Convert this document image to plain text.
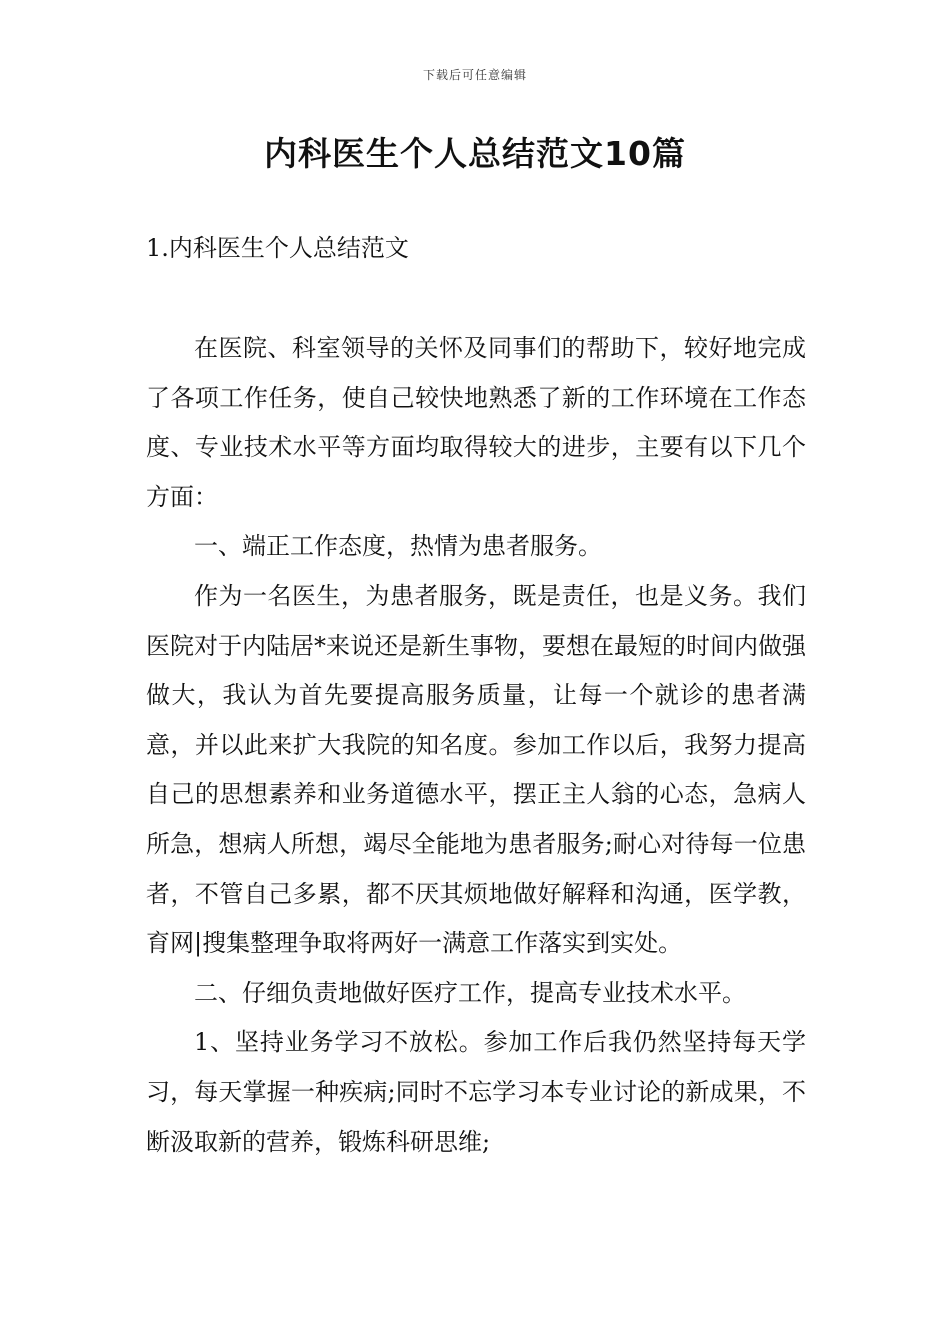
下载后可任意编辑
内科医生个人总结范文10篇
1.内科医生个人总结范文

在医院、科室领导的关怀及同事们的帮助下，较好地完成了各项工作任务，使自己较快地熟悉了新的工作环境在工作态度、专业技术水平等方面均取得较大的进步，主要有以下几个方面：

一、端正工作态度，热情为患者服务。

作为一名医生，为患者服务，既是责任，也是义务。我们医院对于内陆居*来说还是新生事物，要想在最短的时间内做强做大，我认为首先要提高服务质量，让每一个就诊的患者满意，并以此来扩大我院的知名度。参加工作以后，我努力提高自己的思想素养和业务道德水平，摆正主人翁的心态，急病人所急，想病人所想，竭尽全能地为患者服务;耐心对待每一位患者，不管自己多累，都不厌其烦地做好解释和沟通，医学教，育网|搜集整理争取将两好一满意工作落实到实处。

二、仔细负责地做好医疗工作，提高专业技术水平。

1、坚持业务学习不放松。参加工作后我仍然坚持每天学习，每天掌握一种疾病;同时不忘学习本专业讨论的新成果，不断汲取新的营养，锻炼科研思维;
